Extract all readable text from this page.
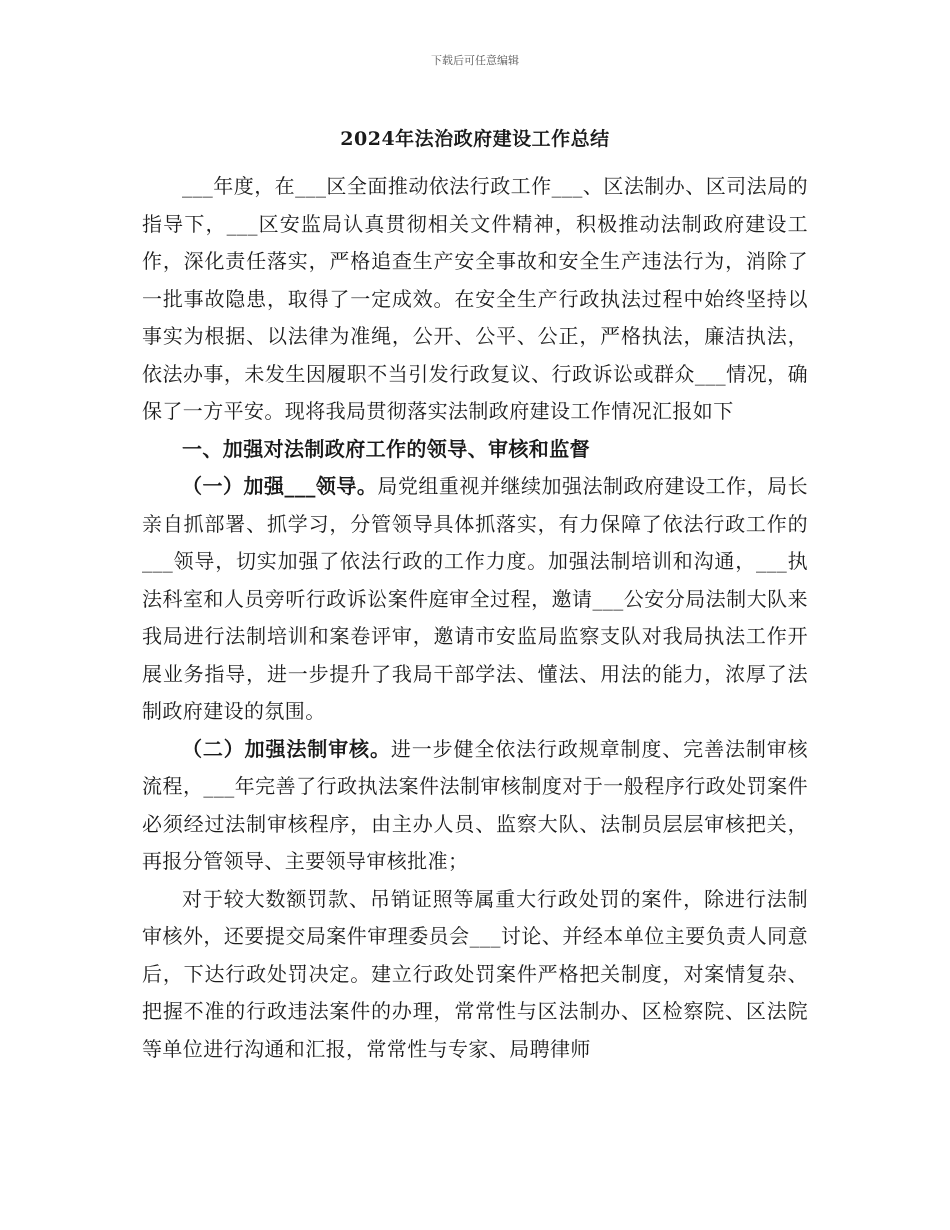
下载后可任意编辑
2024年法治政府建设工作总结

___年度，在___区全面推动依法行政工作___、区法制办、区司法局的指导下，___区安监局认真贯彻相关文件精神，积极推动法制政府建设工作，深化责任落实，严格追查生产安全事故和安全生产违法行为，消除了一批事故隐患，取得了一定成效。在安全生产行政执法过程中始终坚持以事实为根据、以法律为准绳，公开、公平、公正，严格执法，廉洁执法，依法办事，未发生因履职不当引发行政复议、行政诉讼或群众___情况，确保了一方平安。现将我局贯彻落实法制政府建设工作情况汇报如下

一、加强对法制政府工作的领导、审核和监督

（一）加强___领导。局党组重视并继续加强法制政府建设工作，局长亲自抓部署、抓学习，分管领导具体抓落实，有力保障了依法行政工作的___领导，切实加强了依法行政的工作力度。加强法制培训和沟通，___执法科室和人员旁听行政诉讼案件庭审全过程，邀请___公安分局法制大队来我局进行法制培训和案卷评审，邀请市安监局监察支队对我局执法工作开展业务指导，进一步提升了我局干部学法、懂法、用法的能力，浓厚了法制政府建设的氛围。

（二）加强法制审核。进一步健全依法行政规章制度、完善法制审核流程，___年完善了行政执法案件法制审核制度对于一般程序行政处罚案件必须经过法制审核程序，由主办人员、监察大队、法制员层层审核把关，再报分管领导、主要领导审核批准；

对于较大数额罚款、吊销证照等属重大行政处罚的案件，除进行法制审核外，还要提交局案件审理委员会___讨论、并经本单位主要负责人同意后，下达行政处罚决定。建立行政处罚案件严格把关制度，对案情复杂、把握不准的行政违法案件的办理，常常性与区法制办、区检察院、区法院等单位进行沟通和汇报，常常性与专家、局聘律师
